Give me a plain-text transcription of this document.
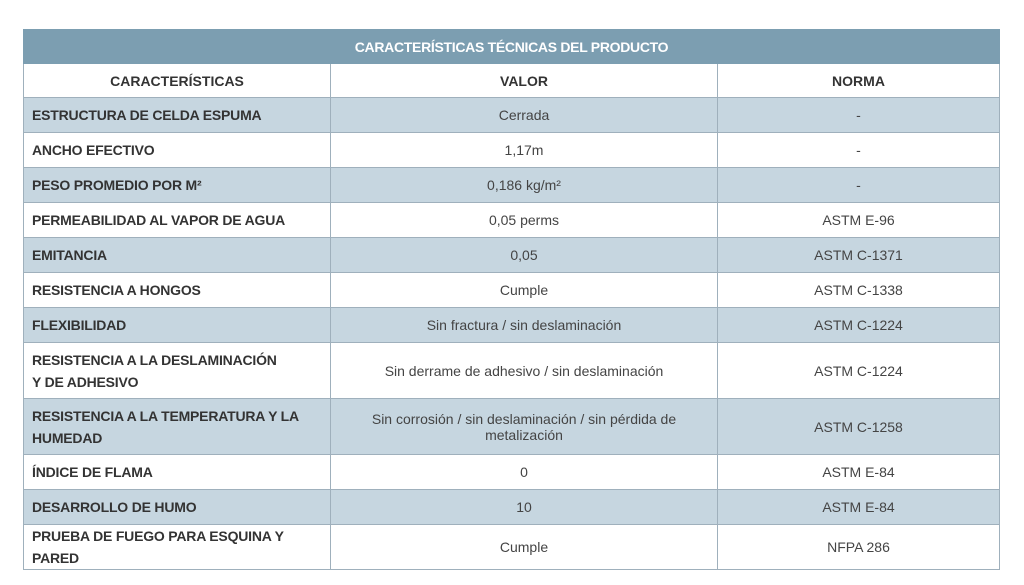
CARACTERÍSTICAS TÉCNICAS DEL PRODUCTO		
CARACTERÍSTICAS	VALOR	NORMA
ESTRUCTURA DE CELDA ESPUMA	Cerrada	-
ANCHO EFECTIVO	1,17m	-
PESO PROMEDIO POR M²	0,186 kg/m²	-
PERMEABILIDAD AL VAPOR DE AGUA	0,05 perms	ASTM E-96
EMITANCIA	0,05	ASTM C-1371
RESISTENCIA A HONGOS	Cumple	ASTM C-1338
FLEXIBILIDAD	Sin fractura / sin deslaminación	ASTM C-1224
RESISTENCIA A LA DESLAMINACIÓN
Y DE ADHESIVO	Sin derrame de adhesivo / sin deslaminación	ASTM C-1224
RESISTENCIA A LA TEMPERATURA Y LA
HUMEDAD	Sin corrosión / sin deslaminación / sin pérdida de metalización	ASTM C-1258
ÍNDICE DE FLAMA	0	ASTM E-84
DESARROLLO DE HUMO	10	ASTM E-84
PRUEBA DE FUEGO PARA ESQUINA Y PARED	Cumple	NFPA 286
